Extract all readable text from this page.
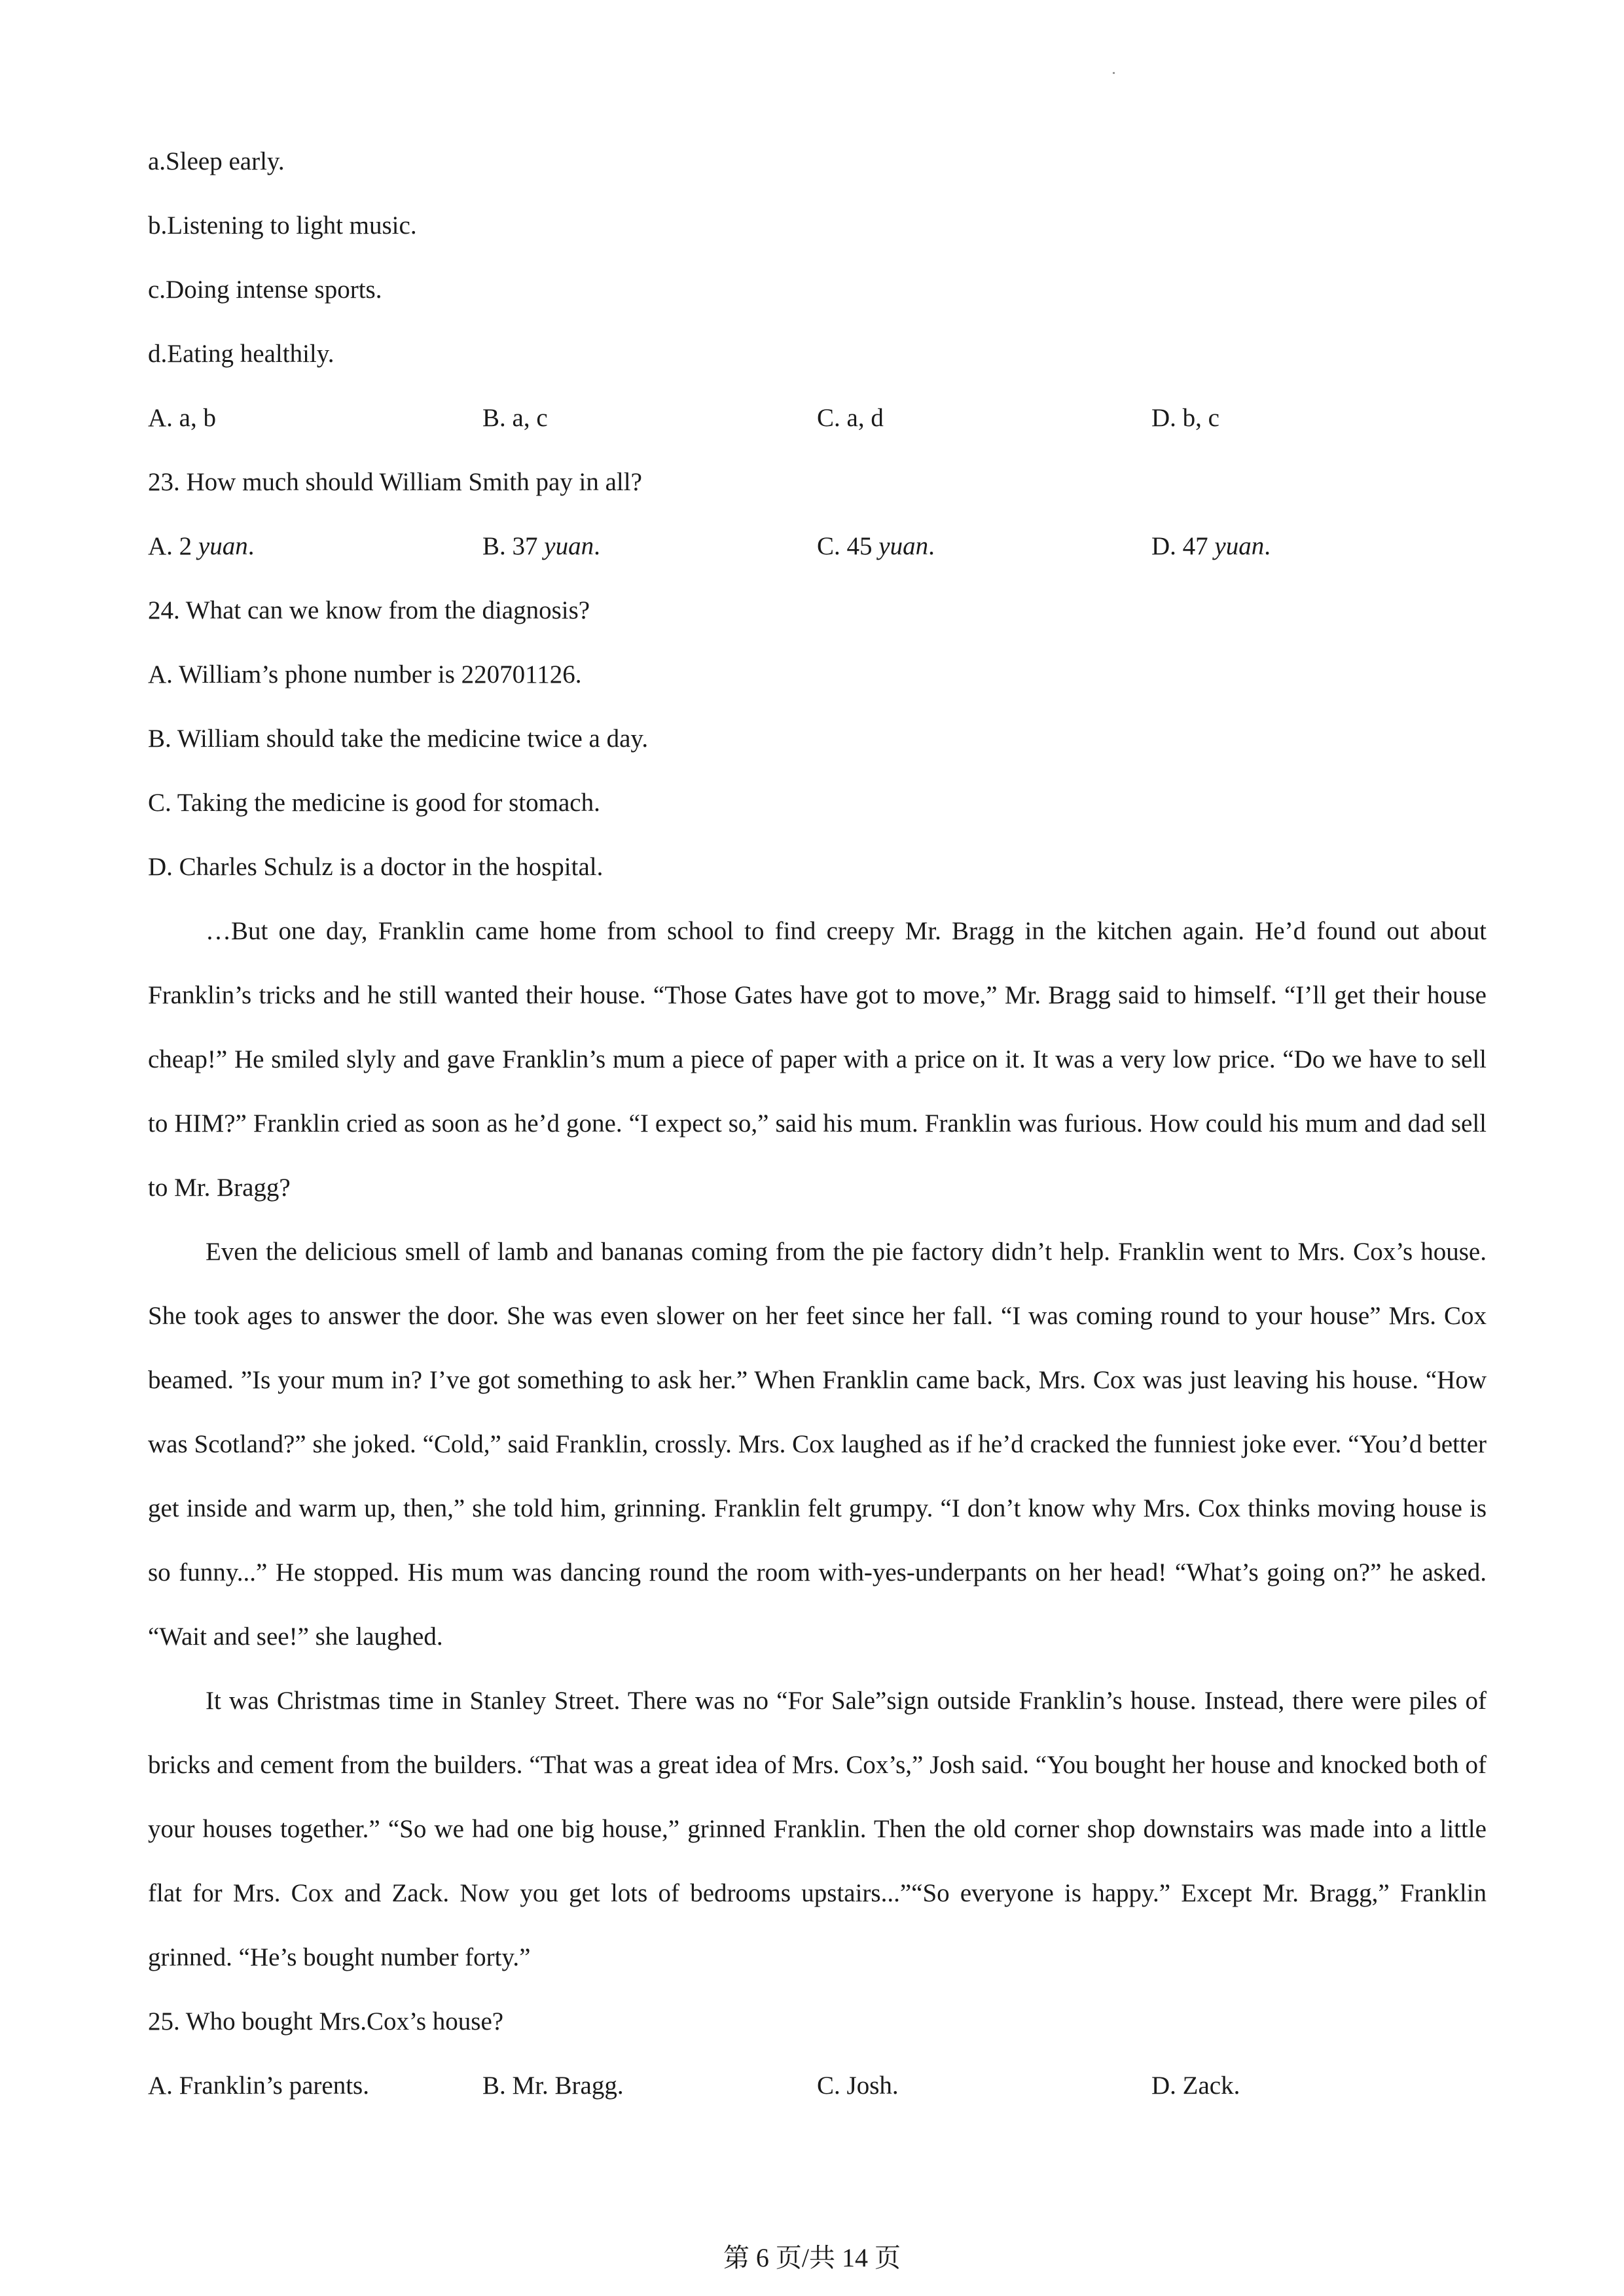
a.Sleep early.
b.Listening to light music.
c.Doing intense sports.
d.Eating healthily.
A. a, b	B. a, c	C. a, d	D. b, c
23. How much should William Smith pay in all?
A. 2 yuan.	B. 37 yuan.	C. 45 yuan.	D. 47 yuan.
24. What can we know from the diagnosis?
A. William’s phone number is 220701126.
B. William should take the medicine twice a day.
C. Taking the medicine is good for stomach.
D. Charles Schulz is a doctor in the hospital.

…But one day, Franklin came home from school to find creepy Mr. Bragg in the kitchen again. He’d found out about Franklin’s tricks and he still wanted their house. “Those Gates have got to move,” Mr. Bragg said to himself. “I’ll get their house cheap!” He smiled slyly and gave Franklin’s mum a piece of paper with a price on it. It was a very low price. “Do we have to sell to HIM?” Franklin cried as soon as he’d gone. “I expect so,” said his mum. Franklin was furious. How could his mum and dad sell to Mr. Bragg?

Even the delicious smell of lamb and bananas coming from the pie factory didn’t help. Franklin went to Mrs. Cox’s house. She took ages to answer the door. She was even slower on her feet since her fall. “I was coming round to your house” Mrs. Cox beamed. ”Is your mum in? I’ve got something to ask her.” When Franklin came back, Mrs. Cox was just leaving his house. “How was Scotland?” she joked. “Cold,” said Franklin, crossly. Mrs. Cox laughed as if he’d cracked the funniest joke ever. “You’d better get inside and warm up, then,” she told him, grinning. Franklin felt grumpy. “I don’t know why Mrs. Cox thinks moving house is so funny...” He stopped. His mum was dancing round the room with-yes-underpants on her head! “What’s going on?” he asked. “Wait and see!” she laughed.

It was Christmas time in Stanley Street. There was no “For Sale”sign outside Franklin’s house. Instead, there were piles of bricks and cement from the builders. “That was a great idea of Mrs. Cox’s,” Josh said. “You bought her house and knocked both of your houses together.” “So we had one big house,” grinned Franklin. Then the old corner shop downstairs was made into a little flat for Mrs. Cox and Zack. Now you get lots of bedrooms upstairs...”“So everyone is happy.” Except Mr. Bragg,” Franklin grinned. “He’s bought number forty.”

25. Who bought Mrs.Cox’s house?
A. Franklin’s parents.	B. Mr. Bragg.	C. Josh.	D. Zack.
第 6 页/共 14 页
